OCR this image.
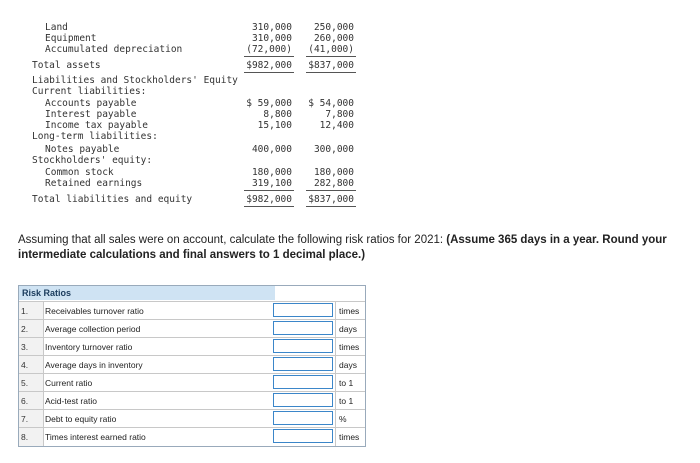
Land	310,000	250,000
Equipment	310,000	260,000
Accumulated depreciation	(72,000)	(41,000)
Total assets	$982,000	$837,000
Liabilities and Stockholders' Equity
Current liabilities:
Accounts payable	$ 59,000	$ 54,000
Interest payable	8,800	7,800
Income tax payable	15,100	12,400
Long-term liabilities:
Notes payable	400,000	300,000
Stockholders' equity:
Common stock	180,000	180,000
Retained earnings	319,100	282,800
Total liabilities and equity	$982,000	$837,000
Assuming that all sales were on account, calculate the following risk ratios for 2021: (Assume 365 days in a year. Round your intermediate calculations and final answers to 1 decimal place.)
Risk Ratios
1.	Receivables turnover ratio	times
2.	Average collection period	days
3.	Inventory turnover ratio	times
4.	Average days in inventory	days
5.	Current ratio	to 1
6.	Acid-test ratio	to 1
7.	Debt to equity ratio	%
8.	Times interest earned ratio	times
